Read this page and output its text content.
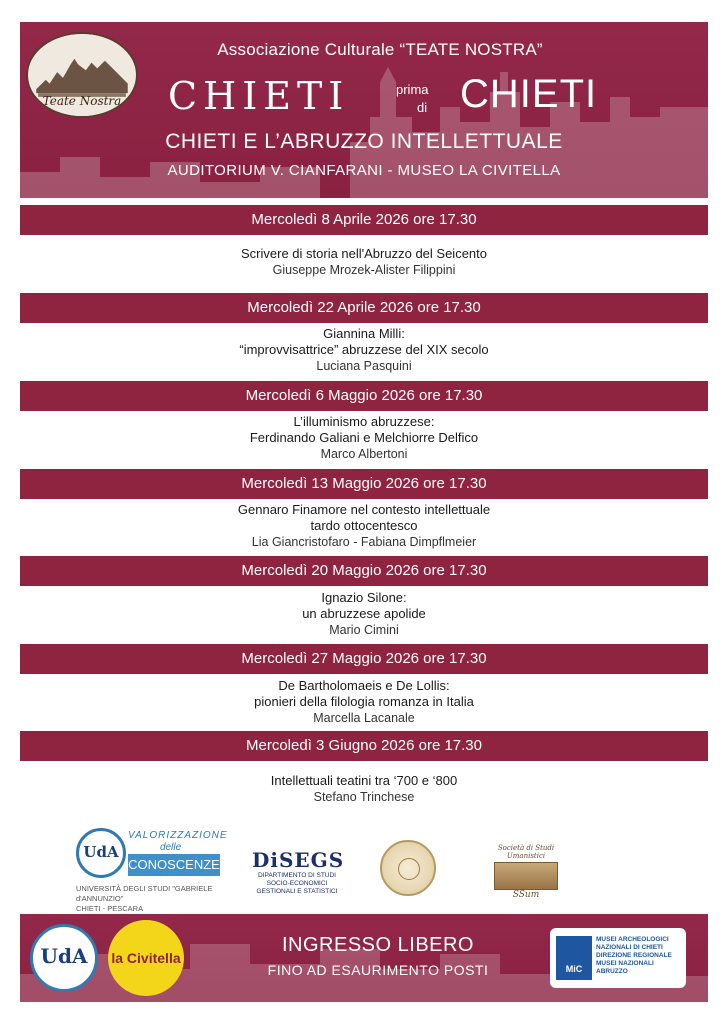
Teate Nostra
Associazione Culturale “TEATE NOSTRA”
CHIETI	prima
di CHIETI
CHIETI E L’ABRUZZO INTELLETTUALE
AUDITORIUM V. CIANFARANI - MUSEO LA CIVITELLA
Mercoledì 8 Aprile 2026 ore 17.30
Scrivere di storia nell'Abruzzo del Seicento
Giuseppe Mrozek-Alister Filippini
Mercoledì 22 Aprile 2026 ore 17.30
Giannina Milli:
“improvvisattrice” abruzzese del XIX secolo
Luciana Pasquini
Mercoledì 6 Maggio 2026 ore 17.30
L’illuminismo abruzzese:
Ferdinando Galiani e Melchiorre Delfico
Marco Albertoni
Mercoledì 13 Maggio 2026 ore 17.30
Gennaro Finamore nel contesto intellettuale
tardo ottocentesco
Lia Giancristofaro - Fabiana Dimpflmeier
Mercoledì 20 Maggio 2026 ore 17.30
Ignazio Silone:
un abruzzese apolide
Mario Cimini
Mercoledì 27 Maggio 2026 ore 17.30
De Bartholomaeis e De Lollis:
pionieri della filologia romanza in Italia
Marcella Lacanale
Mercoledì 3 Giugno 2026 ore 17.30
Intellettuali teatini tra ‘700 e ‘800
Stefano Trinchese
UdA
VALORIZZAZIONE
delle
CONOSCENZE
UNIVERSITÀ DEGLI STUDI "GABRIELE d'ANNUNZIO"
CHIETI - PESCARA
DiSEGS
DIPARTIMENTO DI STUDI
SOCIO-ECONOMICI
GESTIONALI E STATISTICI
Società di Studi Umanistici
SSum
UdA	la Civitella
INGRESSO LIBERO
FINO AD ESAURIMENTO POSTI	MiC
MUSEI ARCHEOLOGICI
NAZIONALI DI CHIETI
DIREZIONE REGIONALE
MUSEI NAZIONALI
ABRUZZO
